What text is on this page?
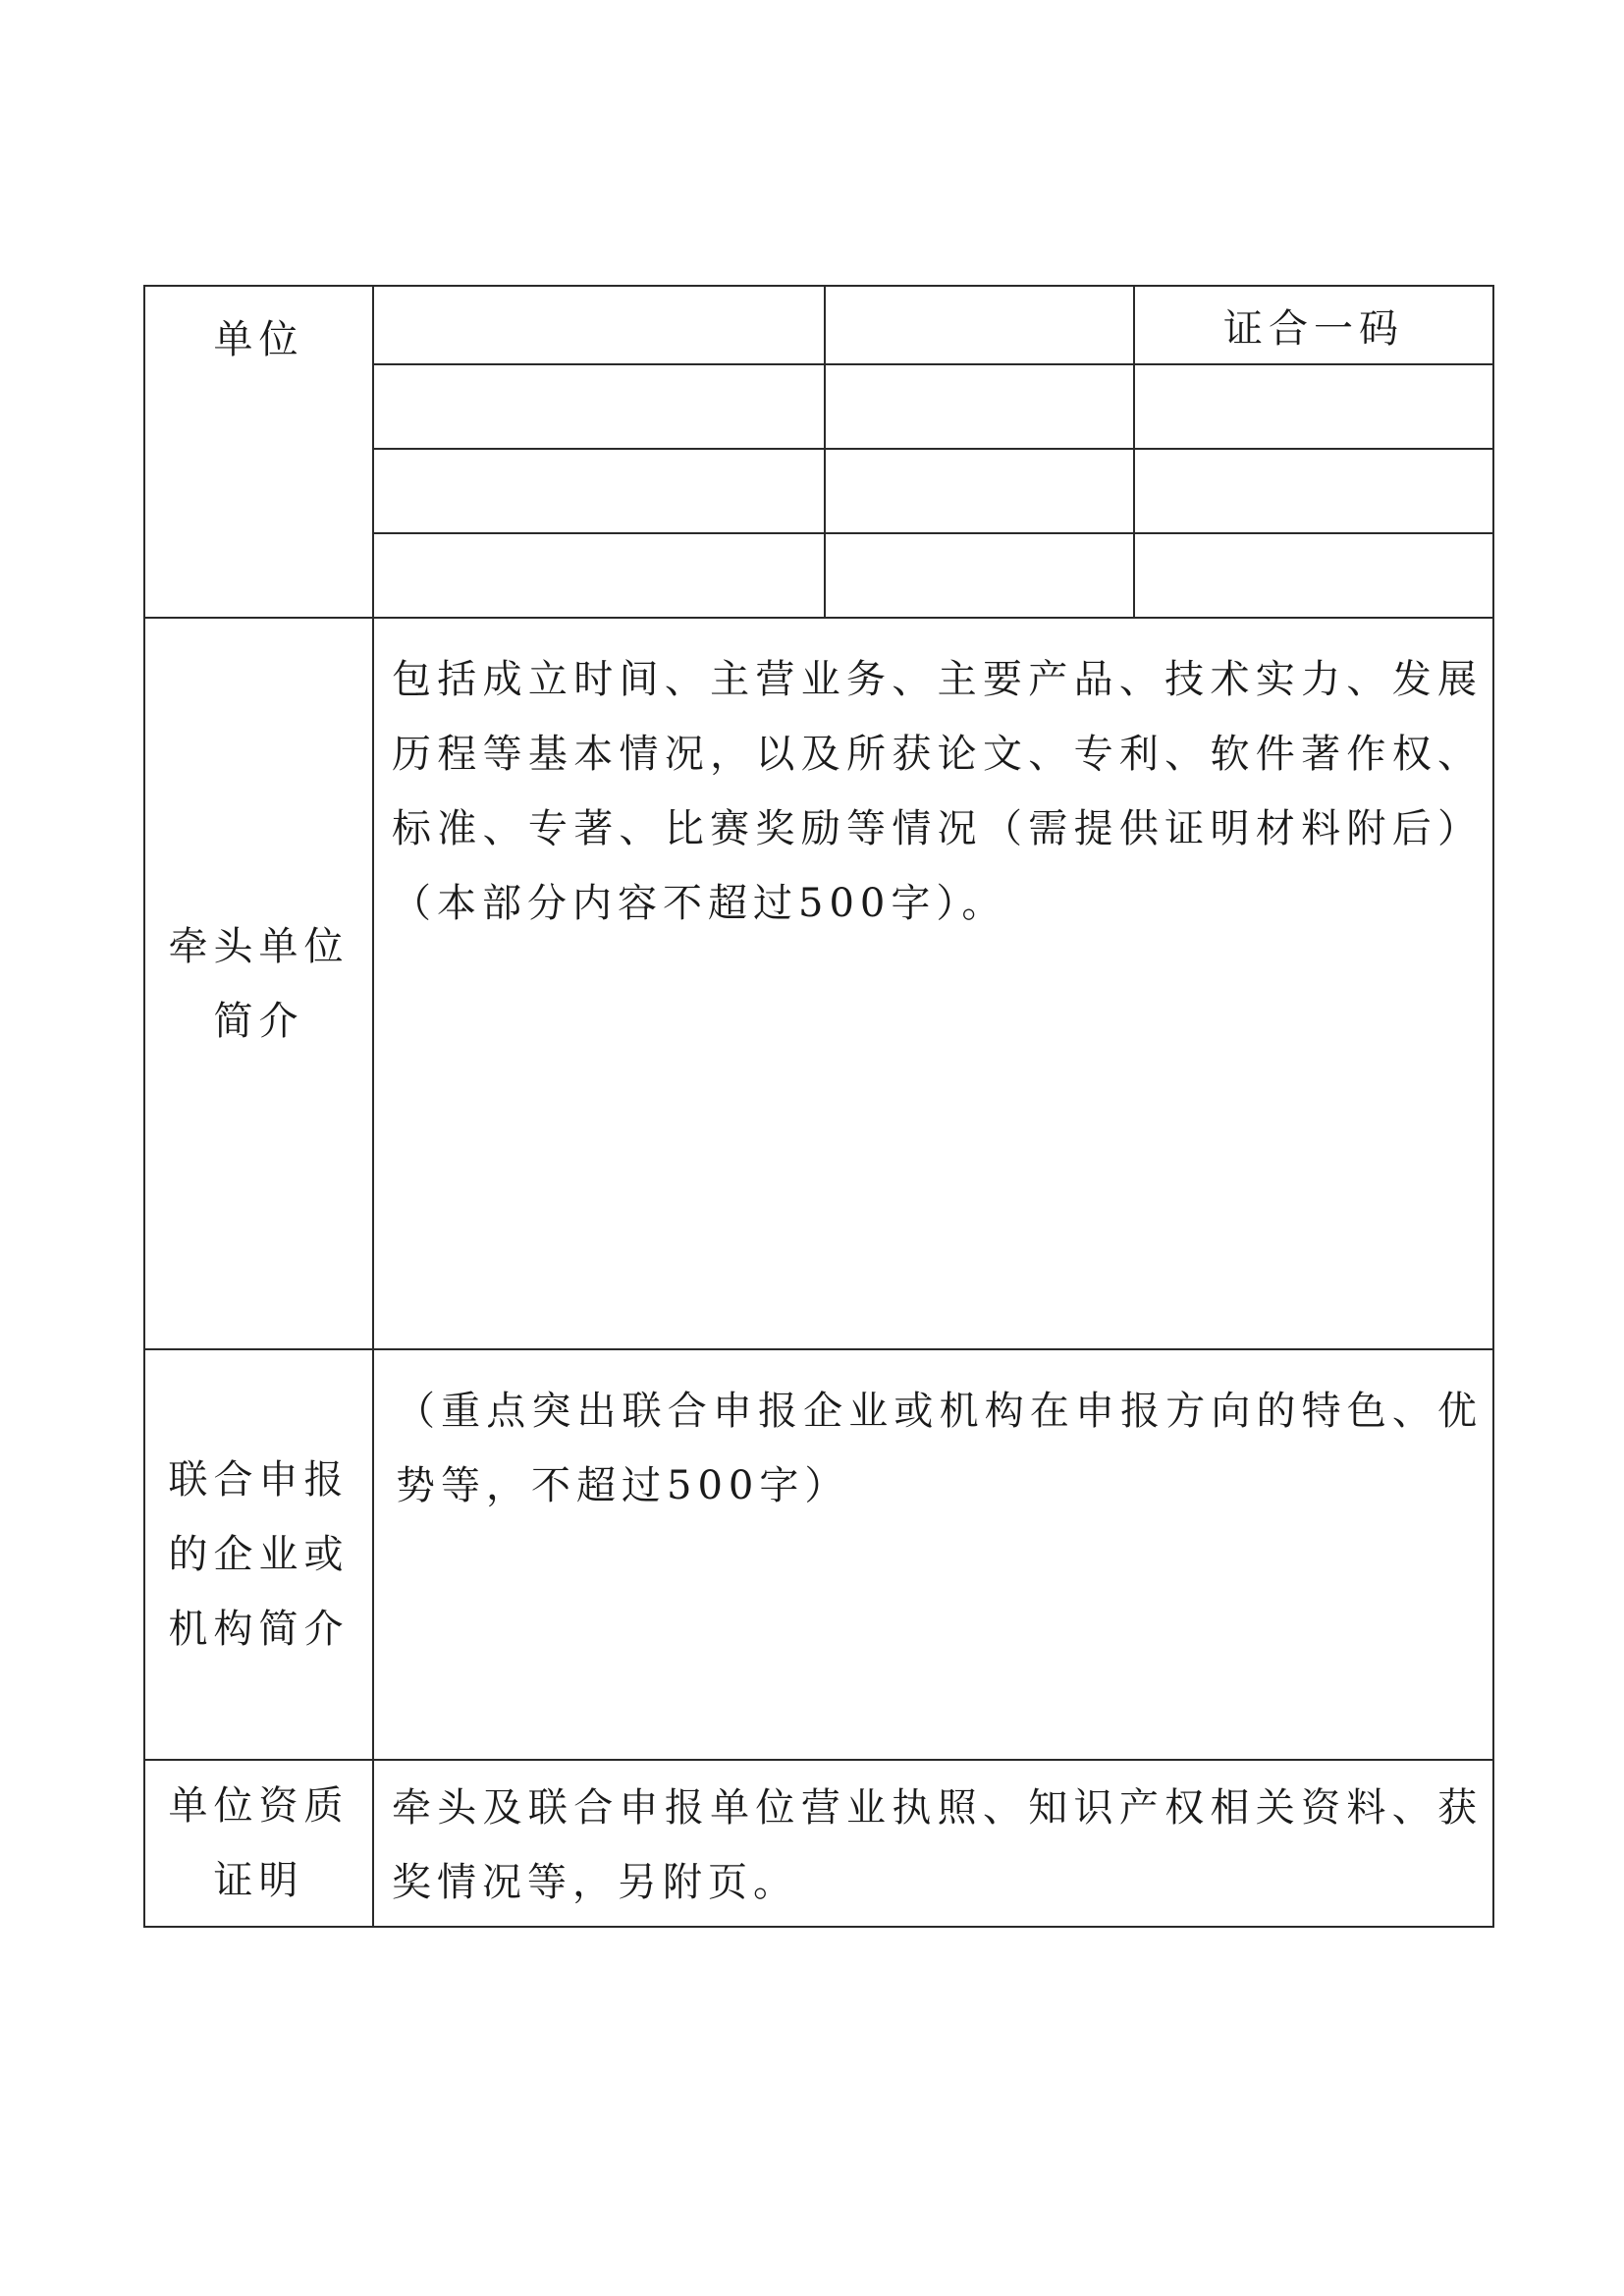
单位			证合一码

牵头单位
简介	包括成立时间、主营业务、主要产品、技术实力、发展历程等基本情况，以及所获论文、专利、软件著作权、标准、专著、比赛奖励等情况（需提供证明材料附后）（本部分内容不超过500字）。		

联合申报
的企业或
机构简介	（重点突出联合申报企业或机构在申报方向的特色、优势等，不超过500字）		

单位资质
证明	牵头及联合申报单位营业执照、知识产权相关资料、获奖情况等，另附页。		
